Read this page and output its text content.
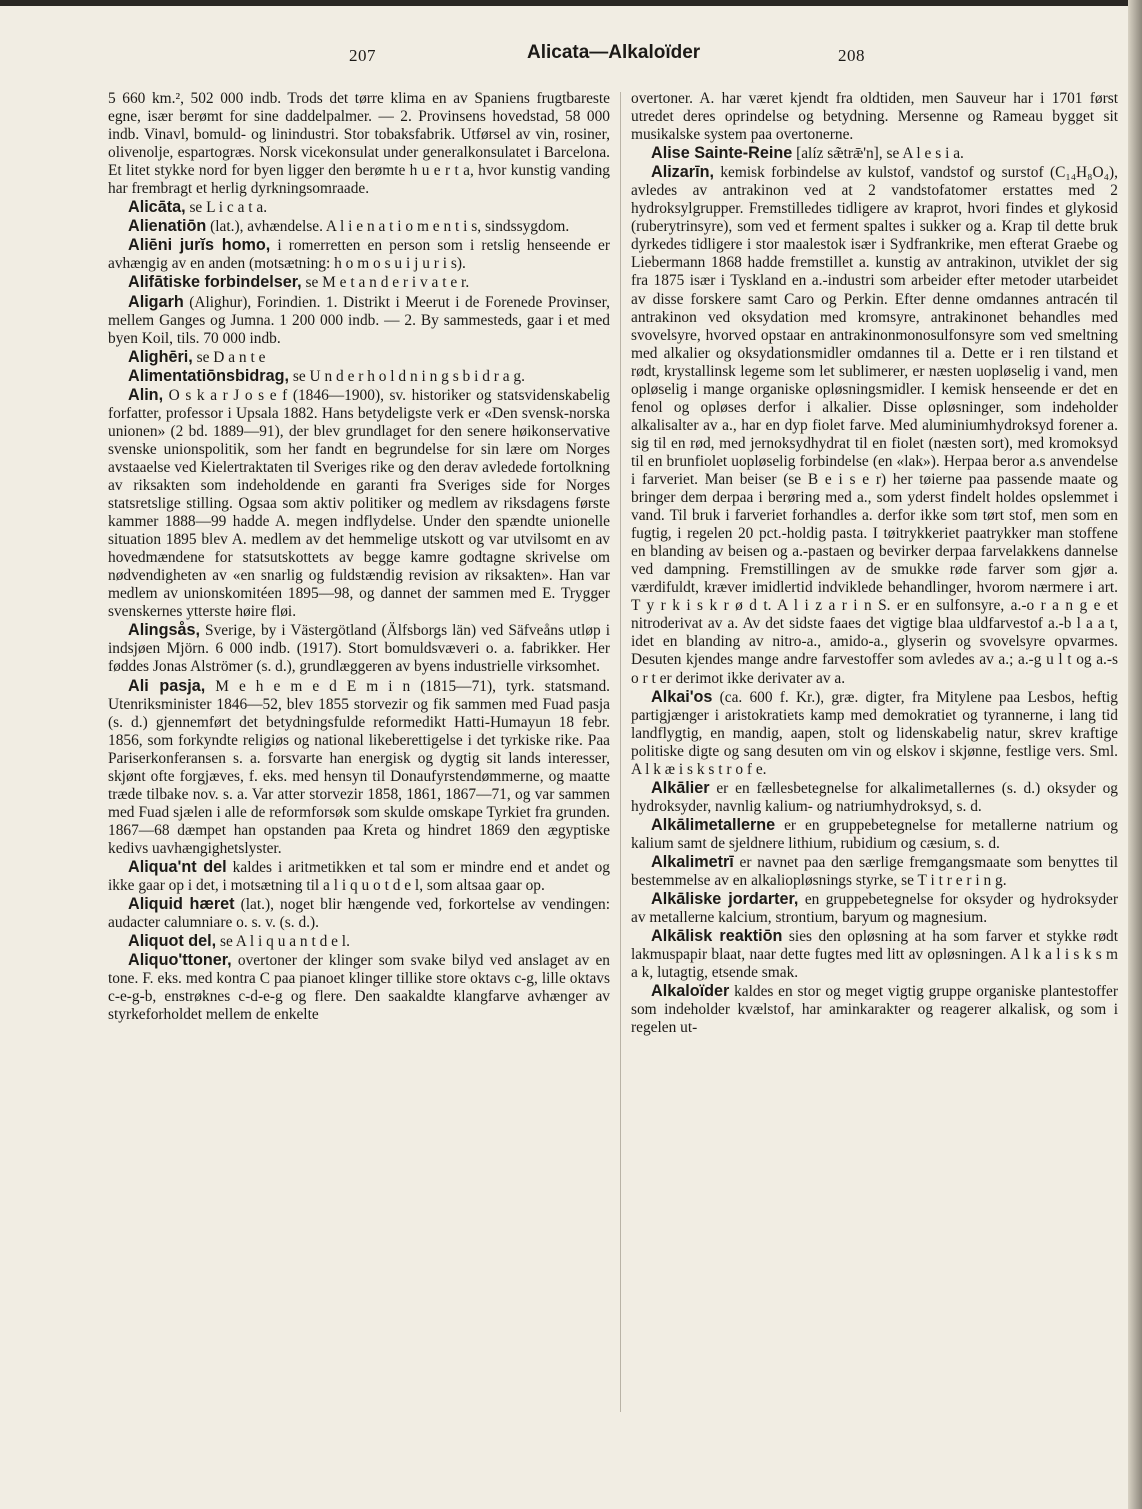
207	Alicata—Alkaloïder	208

5 660 km.², 502 000 indb. Trods det tørre klima en av Spaniens frugtbareste egne, især berømt for sine daddelpalmer. — 2. Provinsens hovedstad, 58 000 indb. Vinavl, bomuld- og linindustri. Stor tobaksfabrik. Utførsel av vin, rosiner, olivenolje, espartogræs. Norsk vicekonsulat under generalkonsulatet i Barcelona. Et litet stykke nord for byen ligger den berømte h u e r t a, hvor kunstig vanding har frembragt et herlig dyrkningsomraade.

Alicāta, se L i c a t a.

Alienatiōn (lat.), avhændelse. A l i e n a t i o m e n t i s, sindssygdom.

Aliēni jurĭs homo, i romerretten en person som i retslig henseende er avhængig av en anden (motsætning: h o m o s u i j u r i s).

Alifātiske forbindelser, se M e t a n d e r i v a t e r.

Aligarh (Alighur), Forindien. 1. Distrikt i Meerut i de Forenede Provinser, mellem Ganges og Jumna. 1 200 000 indb. — 2. By sammesteds, gaar i et med byen Koil, tils. 70 000 indb.

Alighēri, se D a n t e

Alimentatiōnsbidrag, se U n d e r h o l d n i n g s b i d r a g.

Alin, O s k a r J o s e f (1846—1900), sv. historiker og statsvidenskabelig forfatter, professor i Upsala 1882. Hans betydeligste verk er «Den svensk-norska unionen» (2 bd. 1889—91), der blev grundlaget for den senere høikonservative svenske unionspolitik, som her fandt en begrundelse for sin lære om Norges avstaaelse ved Kielertraktaten til Sveriges rike og den derav avledede fortolkning av riksakten som indeholdende en garanti fra Sveriges side for Norges statsretslige stilling. Ogsaa som aktiv politiker og medlem av riksdagens første kammer 1888—99 hadde A. megen indflydelse. Under den spændte unionelle situation 1895 blev A. medlem av det hemmelige utskott og var utvilsomt en av hovedmændene for statsutskottets av begge kamre godtagne skrivelse om nødvendigheten av «en snarlig og fuldstændig revision av riksakten». Han var medlem av unionskomitéen 1895—98, og dannet der sammen med E. Trygger svenskernes ytterste høire fløi.

Alingsås, Sverige, by i Västergötland (Älfsborgs län) ved Säfveåns utløp i indsjøen Mjörn. 6 000 indb. (1917). Stort bomuldsvæveri o. a. fabrikker. Her føddes Jonas Alströmer (s. d.), grundlæggeren av byens industrielle virksomhet.

Ali pasja, M e h e m e d E m i n (1815—71), tyrk. statsmand. Utenriksminister 1846—52, blev 1855 storvezir og fik sammen med Fuad pasja (s. d.) gjennemført det betydningsfulde reformedikt Hatti-Humayun 18 febr. 1856, som forkyndte religiøs og national likeberettigelse i det tyrkiske rike. Paa Pariserkonferansen s. a. forsvarte han energisk og dygtig sit lands interesser, skjønt ofte forgjæves, f. eks. med hensyn til Donaufyrstendømmerne, og maatte træde tilbake nov. s. a. Var atter storvezir 1858, 1861, 1867—71, og var sammen med Fuad sjælen i alle de reformforsøk som skulde omskape Tyrkiet fra grunden. 1867—68 dæmpet han opstanden paa Kreta og hindret 1869 den ægyptiske kedivs uavhængighetslyster.

Aliqua'nt del kaldes i aritmetikken et tal som er mindre end et andet og ikke gaar op i det, i motsætning til a l i q u o t d e l, som altsaa gaar op.

Aliquid hæret (lat.), noget blir hængende ved, forkortelse av vendingen: audacter calumniare o. s. v. (s. d.).

Aliquot del, se A l i q u a n t d e l.

Aliquo'ttoner, overtoner der klinger som svake bilyd ved anslaget av en tone. F. eks. med kontra C paa pianoet klinger tillike store oktavs c-g, lille oktavs c-e-g-b, enstrøknes c-d-e-g og flere. Den saakaldte klangfarve avhænger av styrkeforholdet mellem de enkelte

overtoner. A. har været kjendt fra oldtiden, men Sauveur har i 1701 først utredet deres oprindelse og betydning. Mersenne og Rameau bygget sit musikalske system paa overtonerne.

Alise Sainte-Reine [alíz sæ̃trǣ'n], se A l e s i a.

Alizarīn, kemisk forbindelse av kulstof, vandstof og surstof (C₁₄H₈O₄), avledes av antrakinon ved at 2 vandstofatomer erstattes med 2 hydroksylgrupper. Fremstilledes tidligere av kraprot, hvori findes et glykosid (ruberytrinsyre), som ved et ferment spaltes i sukker og a. Krap til dette bruk dyrkedes tidligere i stor maalestok især i Sydfrankrike, men efterat Graebe og Liebermann 1868 hadde fremstillet a. kunstig av antrakinon, utviklet der sig fra 1875 især i Tyskland en a.-industri som arbeider efter metoder utarbeidet av disse forskere samt Caro og Perkin. Efter denne omdannes antracén til antrakinon ved oksydation med kromsyre, antrakinonet behandles med svovelsyre, hvorved opstaar en antrakinonmonosulfonsyre som ved smeltning med alkalier og oksydationsmidler omdannes til a. Dette er i ren tilstand et rødt, krystallinsk legeme som let sublimerer, er næsten uopløselig i vand, men opløselig i mange organiske opløsningsmidler. I kemisk henseende er det en fenol og opløses derfor i alkalier. Disse opløsninger, som indeholder alkalisalter av a., har en dyp fiolet farve. Med aluminiumhydroksyd forener a. sig til en rød, med jernoksydhydrat til en fiolet (næsten sort), med kromoksyd til en brunfiolet uopløselig forbindelse (en «lak»). Herpaa beror a.s anvendelse i farveriet. Man beiser (se B e i s e r) her tøierne paa passende maate og bringer dem derpaa i berøring med a., som yderst findelt holdes opslemmet i vand. Til bruk i farveriet forhandles a. derfor ikke som tørt stof, men som en fugtig, i regelen 20 pct.-holdig pasta. I tøitrykkeriet paatrykker man stoffene en blanding av beisen og a.-pastaen og bevirker derpaa farvelakkens dannelse ved dampning. Fremstillingen av de smukke røde farver som gjør a. værdifuldt, kræver imidlertid indviklede behandlinger, hvorom nærmere i art. T y r k i s k r ø d t. A l i z a r i n S. er en sulfonsyre, a.-o r a n g e et nitroderivat av a. Av det sidste faaes det vigtige blaa uldfarvestof a.-b l a a t, idet en blanding av nitro-a., amido-a., glyserin og svovelsyre opvarmes. Desuten kjendes mange andre farvestoffer som avledes av a.; a.-g u l t og a.-s o r t er derimot ikke derivater av a.

Alkai'os (ca. 600 f. Kr.), græ. digter, fra Mitylene paa Lesbos, heftig partigjænger i aristokratiets kamp med demokratiet og tyrannerne, i lang tid landflygtig, en mandig, aapen, stolt og lidenskabelig natur, skrev kraftige politiske digte og sang desuten om vin og elskov i skjønne, festlige vers. Sml. A l k æ i s k s t r o f e.

Alkālier er en fællesbetegnelse for alkalimetallernes (s. d.) oksyder og hydroksyder, navnlig kalium- og natriumhydroksyd, s. d.

Alkālimetallerne er en gruppebetegnelse for metallerne natrium og kalium samt de sjeldnere lithium, rubidium og cæsium, s. d.

Alkalimetrī er navnet paa den særlige fremgangsmaate som benyttes til bestemmelse av en alkaliopløsnings styrke, se T i t r e r i n g.

Alkāliske jordarter, en gruppebetegnelse for oksyder og hydroksyder av metallerne kalcium, strontium, baryum og magnesium.

Alkālisk reaktiōn sies den opløsning at ha som farver et stykke rødt lakmuspapir blaat, naar dette fugtes med litt av opløsningen. A l k a l i s k s m a k, lutagtig, etsende smak.

Alkaloïder kaldes en stor og meget vigtig gruppe organiske plantestoffer som indeholder kvælstof, har aminkarakter og reagerer alkalisk, og som i regelen ut-
